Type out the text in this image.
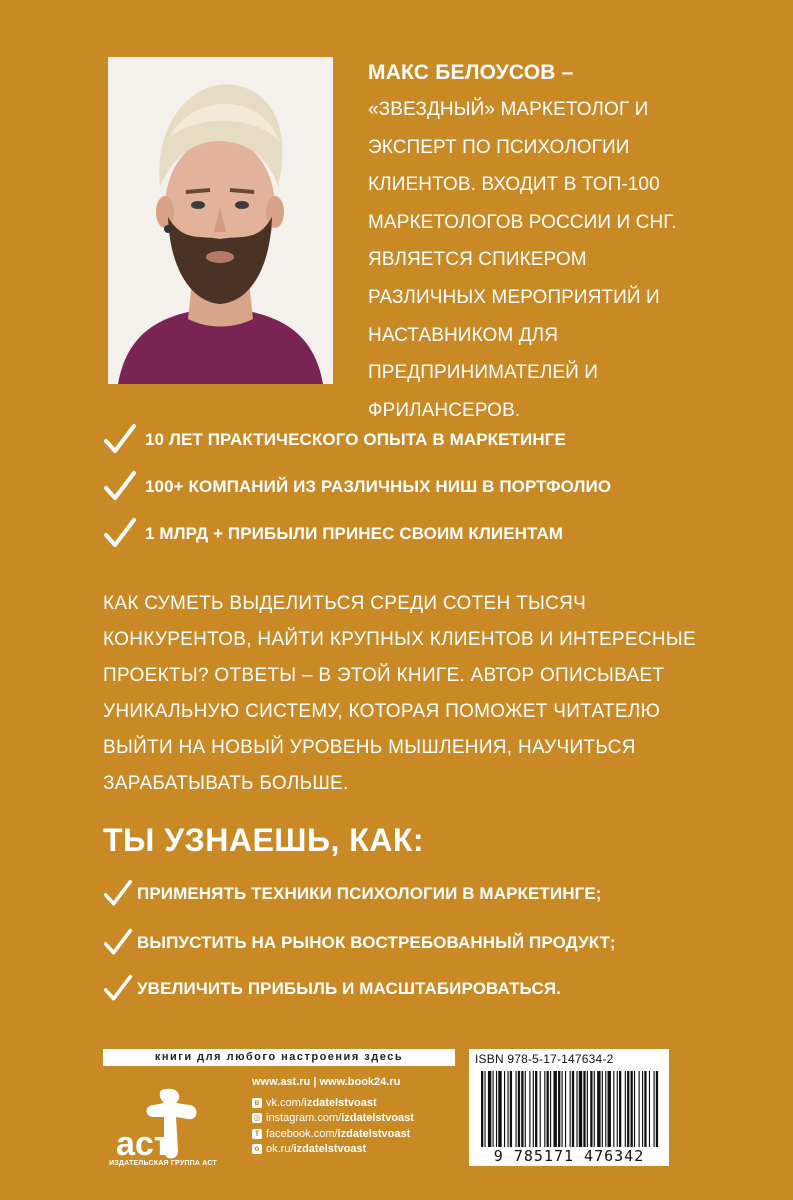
МАКС БЕЛОУСОВ –
«ЗВЕЗДНЫЙ» МАРКЕТОЛОГ И
ЭКСПЕРТ ПО ПСИХОЛОГИИ
КЛИЕНТОВ. ВХОДИТ В ТОП-100
МАРКЕТОЛОГОВ РОССИИ И СНГ.
ЯВЛЯЕТСЯ СПИКЕРОМ
РАЗЛИЧНЫХ МЕРОПРИЯТИЙ И
НАСТАВНИКОМ ДЛЯ
ПРЕДПРИНИМАТЕЛЕЙ И
ФРИЛАНСЕРОВ.
10 ЛЕТ ПРАКТИЧЕСКОГО ОПЫТА В МАРКЕТИНГЕ
100+ КОМПАНИЙ ИЗ РАЗЛИЧНЫХ НИШ В ПОРТФОЛИО
1 МЛРД + ПРИБЫЛИ ПРИНЕС СВОИМ КЛИЕНТАМ
КАК СУМЕТЬ ВЫДЕЛИТЬСЯ СРЕДИ СОТЕН ТЫСЯЧ
КОНКУРЕНТОВ, НАЙТИ КРУПНЫХ КЛИЕНТОВ И ИНТЕРЕСНЫЕ
ПРОЕКТЫ? ОТВЕТЫ – В ЭТОЙ КНИГЕ. АВТОР ОПИСЫВАЕТ
УНИКАЛЬНУЮ СИСТЕМУ, КОТОРАЯ ПОМОЖЕТ ЧИТАТЕЛЮ
ВЫЙТИ НА НОВЫЙ УРОВЕНЬ МЫШЛЕНИЯ, НАУЧИТЬСЯ
ЗАРАБАТЫВАТЬ БОЛЬШЕ.
ТЫ УЗНАЕШЬ, КАК:
ПРИМЕНЯТЬ ТЕХНИКИ ПСИХОЛОГИИ В МАРКЕТИНГЕ;
ВЫПУСТИТЬ НА РЫНОК ВОСТРЕБОВАННЫЙ ПРОДУКТ;
УВЕЛИЧИТЬ ПРИБЫЛЬ И МАСШТАБИРОВАТЬСЯ.
книги для любого настроения здесь
аст
ИЗДАТЕЛЬСКАЯ ГРУППА АСТ
www.ast.ru | www.book24.ru
в vk.com/ izdatelstvoast
◎ instagram.com/ izdatelstvoast
f facebook.com/ izdatelstvoast
о ok.ru/ izdatelstvoast
ISBN 978-5-17-147634-2
9 785171 476342
